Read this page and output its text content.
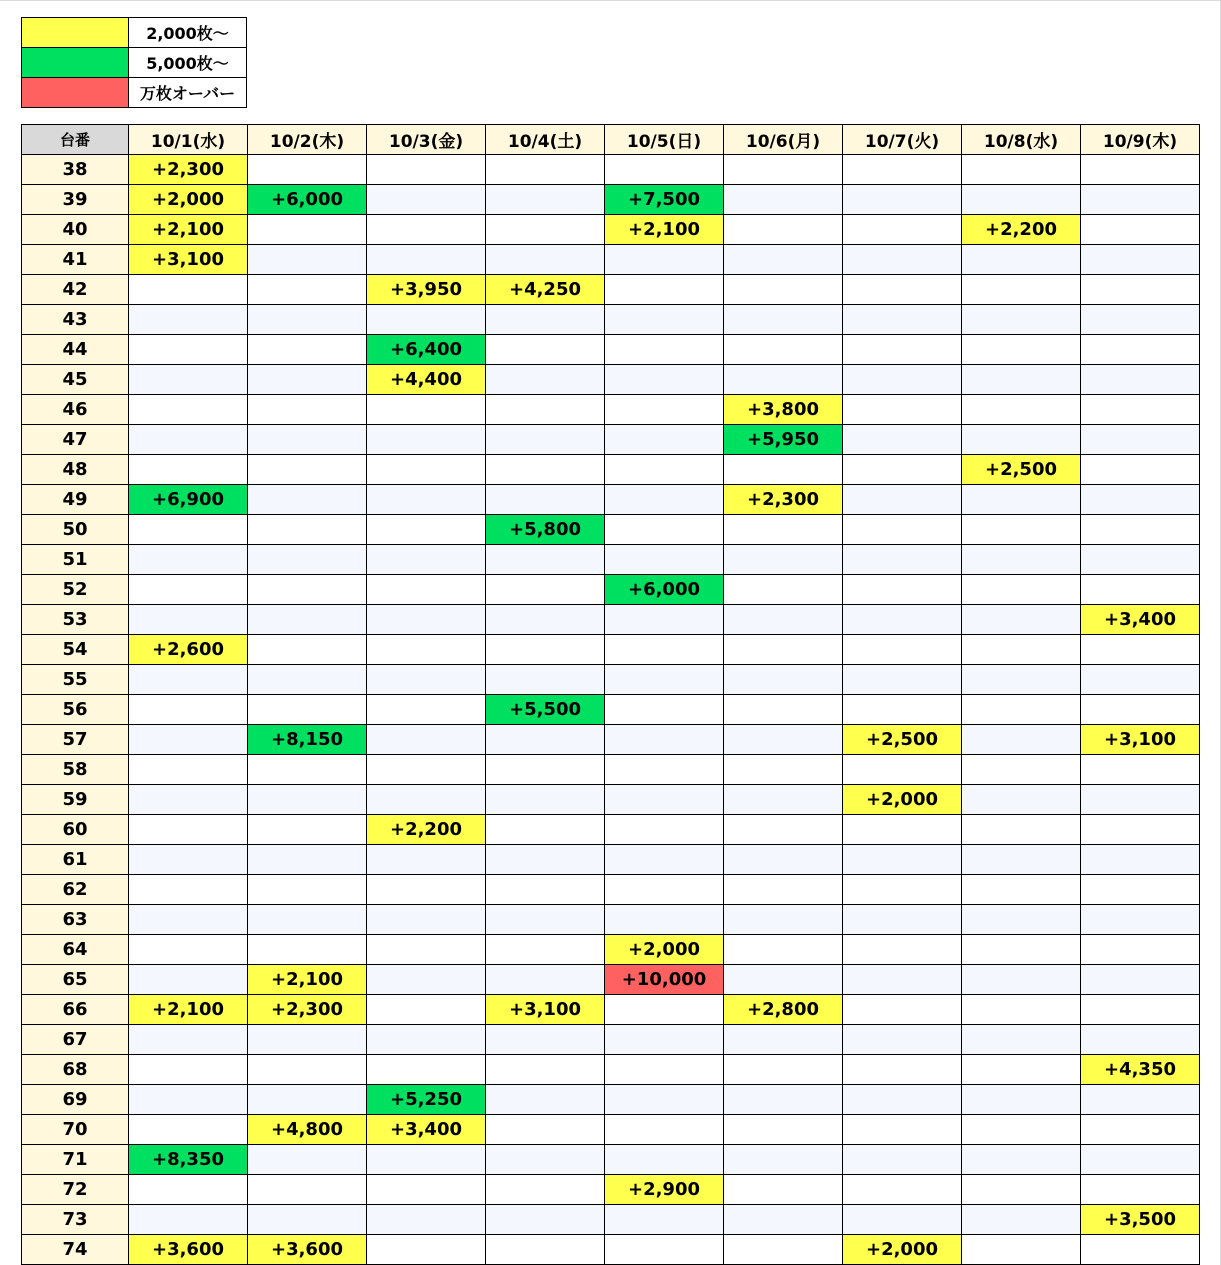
	2,000枚～
	5,000枚～
	万枚オーバー
台番	10/1(水)	10/2(木)	10/3(金)	10/4(土)	10/5(日)	10/6(月)	10/7(火)	10/8(水)	10/9(木)
38	+2,300								
39	+2,000	+6,000			+7,500				
40	+2,100				+2,100			+2,200	
41	+3,100								
42			+3,950	+4,250					
43									
44			+6,400						
45			+4,400						
46						+3,800			
47						+5,950			
48								+2,500	
49	+6,900					+2,300			
50				+5,800					
51									
52					+6,000				
53									+3,400
54	+2,600								
55									
56				+5,500					
57		+8,150					+2,500		+3,100
58									
59							+2,000		
60			+2,200						
61									
62									
63									
64					+2,000				
65		+2,100			+10,000				
66	+2,100	+2,300		+3,100		+2,800			
67									
68									+4,350
69			+5,250						
70		+4,800	+3,400						
71	+8,350								
72					+2,900				
73									+3,500
74	+3,600	+3,600					+2,000		
